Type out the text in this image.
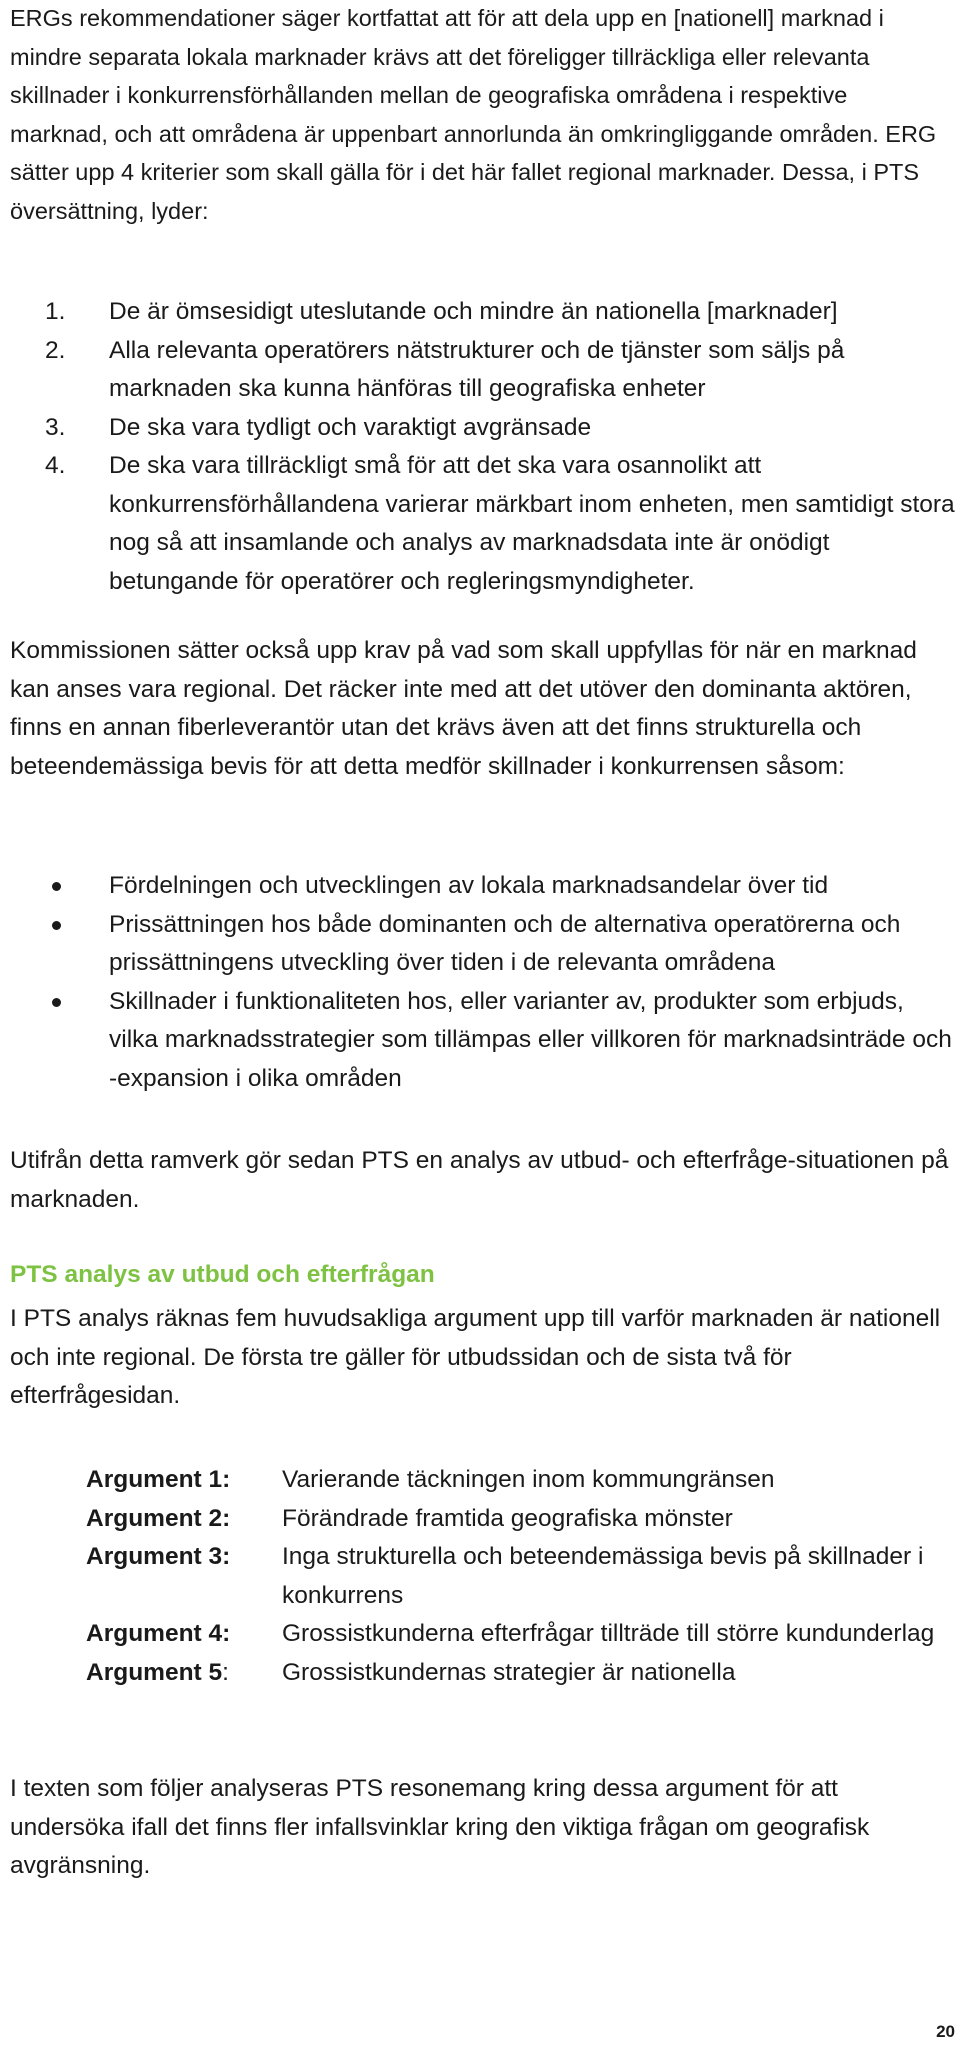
ERGs rekommendationer säger kortfattat att för att dela upp en [nationell] marknad i mindre separata lokala marknader krävs att det föreligger tillräckliga eller relevanta skillnader i konkurrensförhållanden mellan de geografiska områdena i respektive marknad, och att områdena är uppenbart annorlunda än omkringliggande områden. ERG sätter upp 4 kriterier som skall gälla för i det här fallet regional marknader. Dessa, i PTS översättning, lyder:

1.	De är ömsesidigt uteslutande och mindre än nationella [marknader]
2.	Alla relevanta operatörers nätstrukturer och de tjänster som säljs på marknaden ska kunna hänföras till geografiska enheter
3.	De ska vara tydligt och varaktigt avgränsade
4.	De ska vara tillräckligt små för att det ska vara osannolikt att konkurrensförhållandena varierar märkbart inom enheten, men samtidigt stora nog så att insamlande och analys av marknadsdata inte är onödigt betungande för operatörer och regleringsmyndigheter.

Kommissionen sätter också upp krav på vad som skall uppfyllas för när en marknad kan anses vara regional. Det räcker inte med att det utöver den dominanta aktören, finns en annan fiberleverantör utan det krävs även att det finns strukturella och beteendemässiga bevis för att detta medför skillnader i konkurrensen såsom:

Fördelningen och utvecklingen av lokala marknadsandelar över tid
Prissättningen hos både dominanten och de alternativa operatörerna och prissättningens utveckling över tiden i de relevanta områdena
Skillnader i funktionaliteten hos, eller varianter av, produkter som erbjuds, vilka marknadsstrategier som tillämpas eller villkoren för marknadsinträde och -expansion i olika områden

Utifrån detta ramverk gör sedan PTS en analys av utbud- och efterfråge-situationen på marknaden.

PTS analys av utbud och efterfrågan

I PTS analys räknas fem huvudsakliga argument upp till varför marknaden är nationell och inte regional. De första tre gäller för utbudssidan och de sista två för efterfrågesidan.

Argument 1:	Varierande täckningen inom kommungränsen
Argument 2:	Förändrade framtida geografiska mönster
Argument 3:	Inga strukturella och beteendemässiga bevis på skillnader i konkurrens
Argument 4:	Grossistkunderna efterfrågar tillträde till större kundunderlag
Argument 5:	Grossistkundernas strategier är nationella

I texten som följer analyseras PTS resonemang kring dessa argument för att undersöka ifall det finns fler infallsvinklar kring den viktiga frågan om geografisk avgränsning.

20
